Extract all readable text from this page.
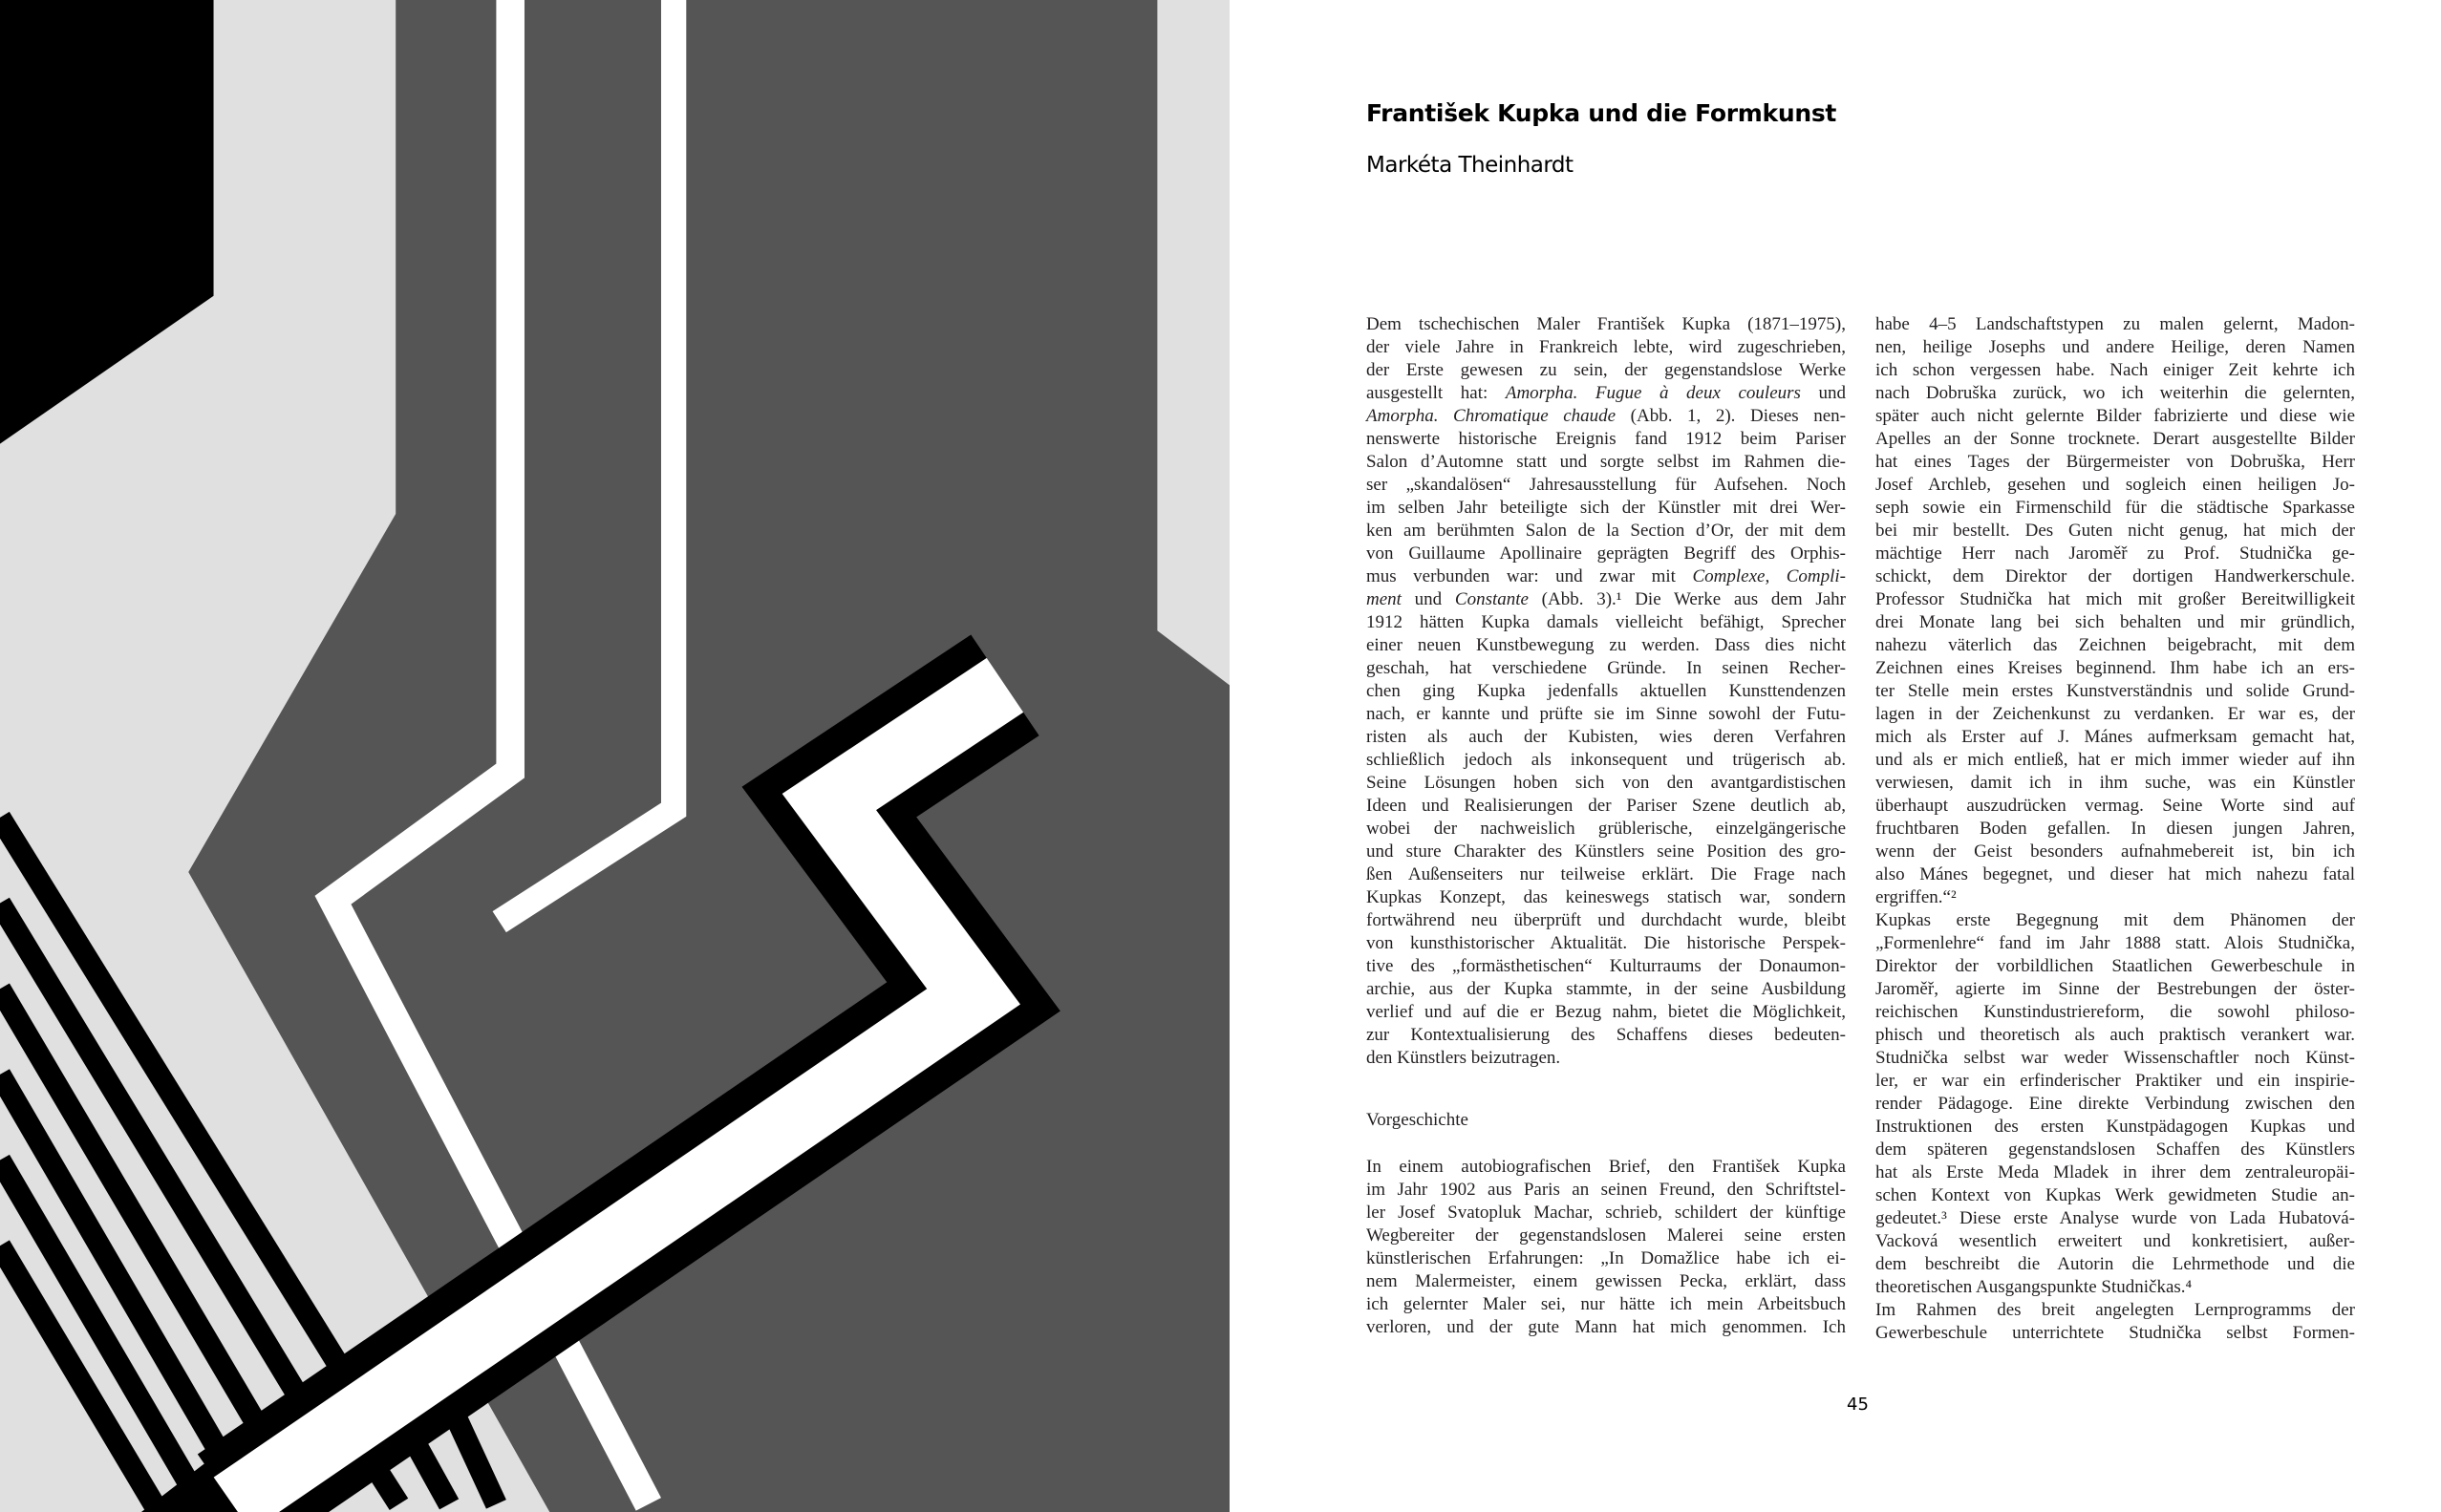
František Kupka und die Formkunst
Markéta Theinhardt
Dem tschechischen Maler František Kupka (1871–1975),
der viele Jahre in Frankreich lebte, wird zugeschrieben,
der Erste gewesen zu sein, der gegenstandslose Werke
ausgestellt hat: Amorpha. Fugue à deux couleurs und
Amorpha. Chromatique chaude (Abb. 1, 2). Dieses nen-
nenswerte historische Ereignis fand 1912 beim Pariser
Salon d’Automne statt und sorgte selbst im Rahmen die-
ser „skandalösen“ Jahresausstellung für Aufsehen. Noch
im selben Jahr beteiligte sich der Künstler mit drei Wer-
ken am berühmten Salon de la Section d’Or, der mit dem
von Guillaume Apollinaire geprägten Begriff des Orphis-
mus verbunden war: und zwar mit Complexe, Compli-
ment und Constante (Abb. 3).¹ Die Werke aus dem Jahr
1912 hätten Kupka damals vielleicht befähigt, Sprecher
einer neuen Kunstbewegung zu werden. Dass dies nicht
geschah, hat verschiedene Gründe. In seinen Recher-
chen ging Kupka jedenfalls aktuellen Kunsttendenzen
nach, er kannte und prüfte sie im Sinne sowohl der Futu-
risten als auch der Kubisten, wies deren Verfahren
schließlich jedoch als inkonsequent und trügerisch ab.
Seine Lösungen hoben sich von den avantgardistischen
Ideen und Realisierungen der Pariser Szene deutlich ab,
wobei der nachweislich grüblerische, einzelgängerische
und sture Charakter des Künstlers seine Position des gro-
ßen Außenseiters nur teilweise erklärt. Die Frage nach
Kupkas Konzept, das keineswegs statisch war, sondern
fortwährend neu überprüft und durchdacht wurde, bleibt
von kunsthistorischer Aktualität. Die historische Perspek-
tive des „formästhetischen“ Kulturraums der Donaumon-
archie, aus der Kupka stammte, in der seine Ausbildung
verlief und auf die er Bezug nahm, bietet die Möglichkeit,
zur Kontextualisierung des Schaffens dieses bedeuten-
den Künstlers beizutragen.
Vorgeschichte
In einem autobiografischen Brief, den František Kupka
im Jahr 1902 aus Paris an seinen Freund, den Schriftstel-
ler Josef Svatopluk Machar, schrieb, schildert der künftige
Wegbereiter der gegenstandslosen Malerei seine ersten
künstlerischen Erfahrungen: „In Domažlice habe ich ei-
nem Malermeister, einem gewissen Pecka, erklärt, dass
ich gelernter Maler sei, nur hätte ich mein Arbeitsbuch
verloren, und der gute Mann hat mich genommen. Ich
habe 4–5 Landschaftstypen zu malen gelernt, Madon-
nen, heilige Josephs und andere Heilige, deren Namen
ich schon vergessen habe. Nach einiger Zeit kehrte ich
nach Dobruška zurück, wo ich weiterhin die gelernten,
später auch nicht gelernte Bilder fabrizierte und diese wie
Apelles an der Sonne trocknete. Derart ausgestellte Bilder
hat eines Tages der Bürgermeister von Dobruška, Herr
Josef Archleb, gesehen und sogleich einen heiligen Jo-
seph sowie ein Firmenschild für die städtische Sparkasse
bei mir bestellt. Des Guten nicht genug, hat mich der
mächtige Herr nach Jaroměř zu Prof. Studnička ge-
schickt, dem Direktor der dortigen Handwerkerschule.
Professor Studnička hat mich mit großer Bereitwilligkeit
drei Monate lang bei sich behalten und mir gründlich,
nahezu väterlich das Zeichnen beigebracht, mit dem
Zeichnen eines Kreises beginnend. Ihm habe ich an ers-
ter Stelle mein erstes Kunstverständnis und solide Grund-
lagen in der Zeichenkunst zu verdanken. Er war es, der
mich als Erster auf J. Mánes aufmerksam gemacht hat,
und als er mich entließ, hat er mich immer wieder auf ihn
verwiesen, damit ich in ihm suche, was ein Künstler
überhaupt auszudrücken vermag. Seine Worte sind auf
fruchtbaren Boden gefallen. In diesen jungen Jahren,
wenn der Geist besonders aufnahmebereit ist, bin ich
also Mánes begegnet, und dieser hat mich nahezu fatal
ergriffen.“²
Kupkas erste Begegnung mit dem Phänomen der
„Formenlehre“ fand im Jahr 1888 statt. Alois Studnička,
Direktor der vorbildlichen Staatlichen Gewerbeschule in
Jaroměř, agierte im Sinne der Bestrebungen der öster-
reichischen Kunstindustriereform, die sowohl philoso-
phisch und theoretisch als auch praktisch verankert war.
Studnička selbst war weder Wissenschaftler noch Künst-
ler, er war ein erfinderischer Praktiker und ein inspirie-
render Pädagoge. Eine direkte Verbindung zwischen den
Instruktionen des ersten Kunstpädagogen Kupkas und
dem späteren gegenstandslosen Schaffen des Künstlers
hat als Erste Meda Mladek in ihrer dem zentraleuropäi-
schen Kontext von Kupkas Werk gewidmeten Studie an-
gedeutet.³ Diese erste Analyse wurde von Lada Hubatová-
Vacková wesentlich erweitert und konkretisiert, außer-
dem beschreibt die Autorin die Lehrmethode und die
theoretischen Ausgangspunkte Studničkas.⁴
Im Rahmen des breit angelegten Lernprogramms der
Gewerbeschule unterrichtete Studnička selbst Formen-
45
